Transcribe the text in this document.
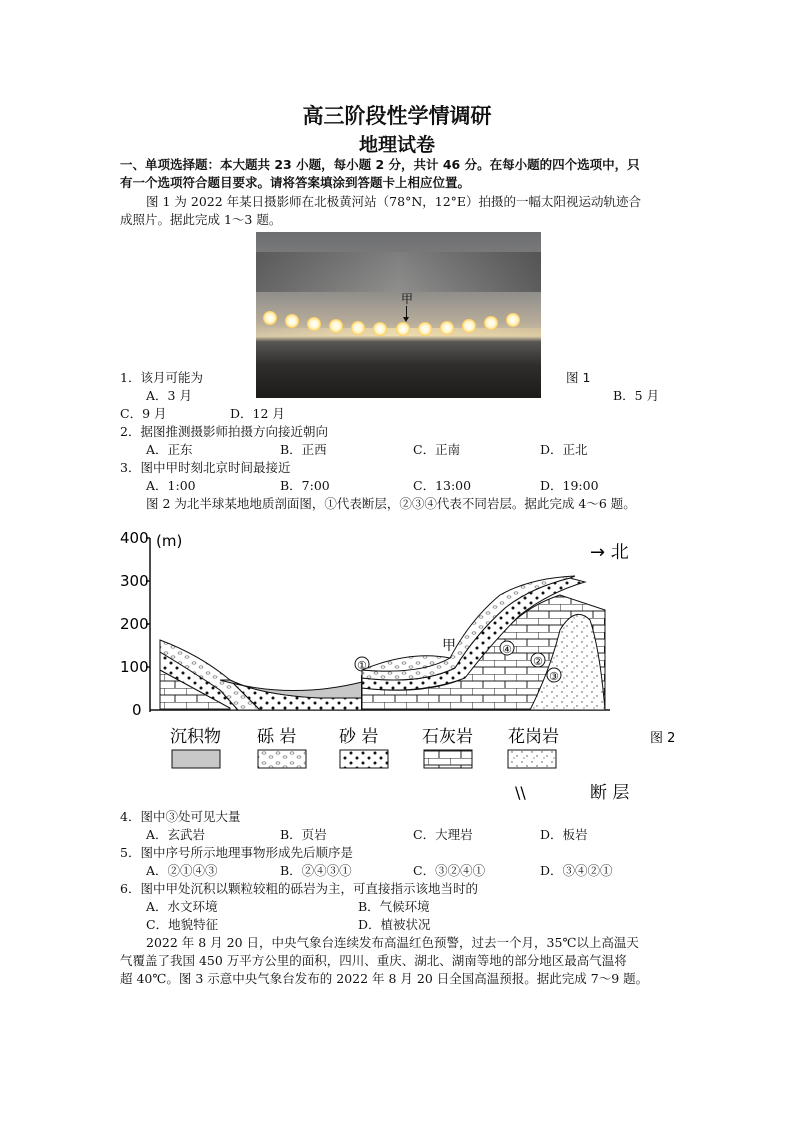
高三阶段性学情调研
地理试卷
一、单项选择题：本大题共 23 小题，每小题 2 分，共计 46 分。在每小题的四个选项中，只
有一个选项符合题目要求。请将答案填涂到答题卡上相应位置。
图 1 为 2022 年某日摄影师在北极黄河站（78°N，12°E）拍摄的一幅太阳视运动轨迹合
成照片。据此完成 1～3 题。
甲
图 1
1．该月可能为
A．3 月	B．5 月
C．9 月	D．12 月
2．据图推测摄影师拍摄方向接近朝向
A．正东	B．正西	C．正南	D．正北
3．图中甲时刻北京时间最接近
A．1:00	B．7:00	C．13:00	D．19:00
图 2 为北半球某地地质剖面图，①代表断层，②③④代表不同岩层。据此完成 4～6 题。
400
300
200
100
0
(m)
→ 北
①
甲	④
②
③
沉积物 砾 岩	砂 岩	石灰岩 花岗岩
\\	断 层
图 2
4．图中③处可见大量
A．玄武岩	B．页岩	C．大理岩	D．板岩
5．图中序号所示地理事物形成先后顺序是
A．②①④③	B．②④③①	C．③②④①	D．③④②①
6．图中甲处沉积以颗粒较粗的砾岩为主，可直接指示该地当时的
A．水文环境	B．气候环境
C．地貌特征	D．植被状况
2022 年 8 月 20 日，中央气象台连续发布高温红色预警，过去一个月，35℃以上高温天
气覆盖了我国 450 万平方公里的面积，四川、重庆、湖北、湖南等地的部分地区最高气温将
超 40℃。图 3 示意中央气象台发布的 2022 年 8 月 20 日全国高温预报。据此完成 7～9 题。
